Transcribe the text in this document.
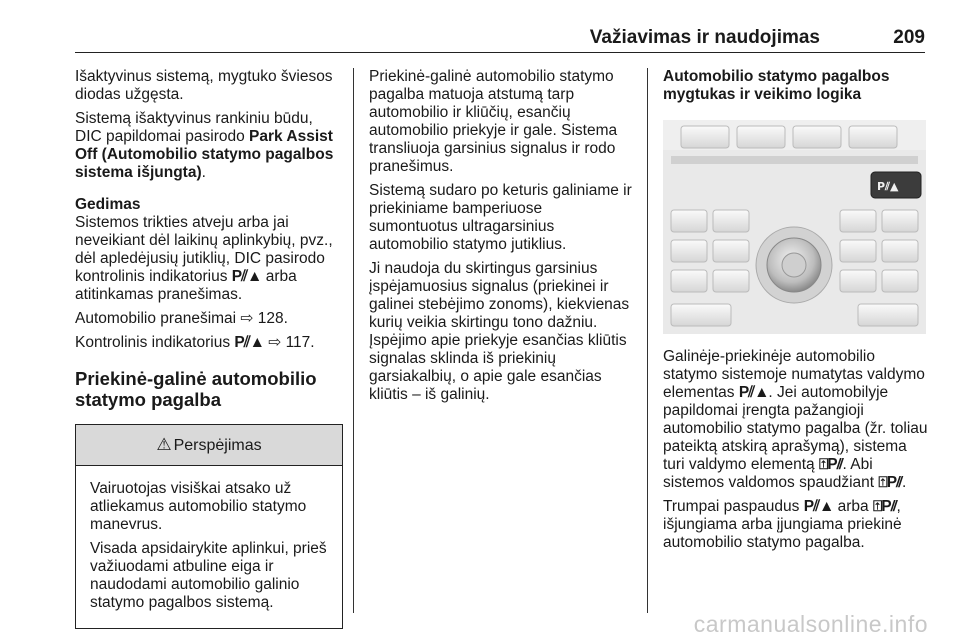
Važiavimas ir naudojimas	209

Išaktyvinus sistemą, mygtuko šviesos diodas užgęsta.

Sistemą išaktyvinus rankiniu būdu, DIC papildomai pasirodo Park Assist Off (Automobilio statymo pagalbos sistema išjungta).

Gedimas

Sistemos trikties atveju arba jai neveikiant dėl laikinų aplinkybių, pvz., dėl apledėjusių jutiklių, DIC pasirodo kontrolinis indikatorius P⫽▲ arba atitinkamas pranešimas.

Automobilio pranešimai ⇨ 128.

Kontrolinis indikatorius P⫽▲ ⇨ 117.

Priekinė-galinė automobilio statymo pagalba
⚠ Perspėjimas

Vairuotojas visiškai atsako už atliekamus automobilio statymo manevrus.

Visada apsidairykite aplinkui, prieš važiuodami atbuline eiga ir naudodami automobilio galinio statymo pagalbos sistemą.

Priekinė-galinė automobilio statymo pagalba matuoja atstumą tarp automobilio ir kliūčių, esančių automobilio priekyje ir gale. Sistema transliuoja garsinius signalus ir rodo pranešimus.

Sistemą sudaro po keturis galiniame ir priekiniame bamperiuose sumontuotus ultragarsinius automobilio statymo jutiklius.

Ji naudoja du skirtingus garsinius įspėjamuosius signalus (priekinei ir galinei stebėjimo zonoms), kiekvienas kurių veikia skirtingu tono dažniu. Įspėjimo apie priekyje esančias kliūtis signalas sklinda iš priekinių garsiakalbių, o apie gale esančias kliūtis – iš galinių.

Automobilio statymo pagalbos mygtukas ir veikimo logika
P⫽▲

Galinėje-priekinėje automobilio statymo sistemoje numatytas valdymo elementas P⫽▲. Jei automobilyje papildomai įrengta pažangioji automobilio statymo pagalba (žr. toliau pateiktą atskirą aprašymą), sistema turi valdymo elementą ⍐P⫽. Abi sistemos valdomos spaudžiant ⍐P⫽.

Trumpai paspaudus P⫽▲ arba ⍐P⫽, išjungiama arba įjungiama priekinė automobilio statymo pagalba.

carmanualsonline.info
